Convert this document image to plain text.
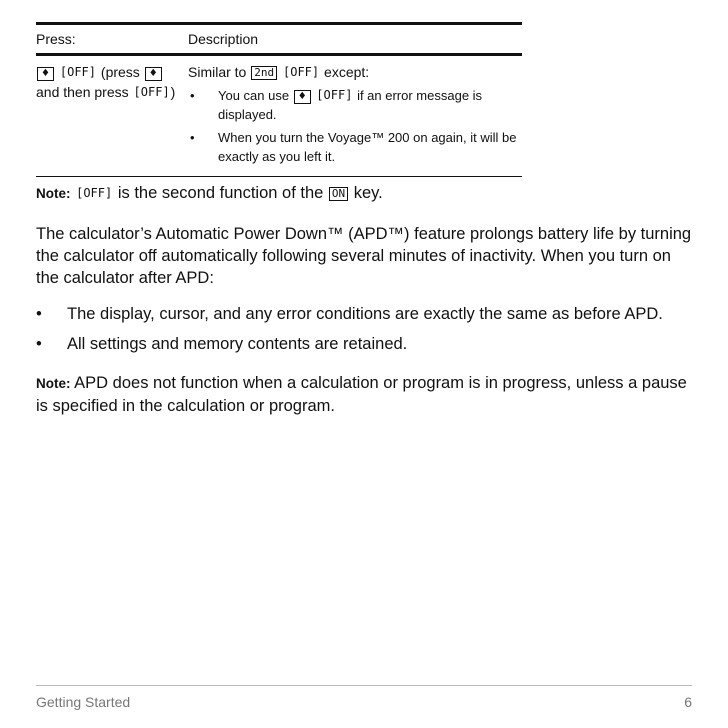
Press:	Description
♦ [ OFF ] (press ♦
and then press [ OFF ] )
Similar to 2nd [ OFF ] except:
• You can use ♦ [ OFF ] if an error message is displayed.
• When you turn the Voyage™ 200 on again, it will be exactly as you left it.
Note: [ OFF ] is the second function of the ON key.
The calculator’s Automatic Power Down™ (APD™) feature prolongs battery life by turning the calculator off automatically following several minutes of inactivity. When you turn on the calculator after APD:
• The display, cursor, and any error conditions are exactly the same as before APD.
• All settings and memory contents are retained.
Note: APD does not function when a calculation or program is in progress, unless a pause is specified in the calculation or program.
Getting Started	6
